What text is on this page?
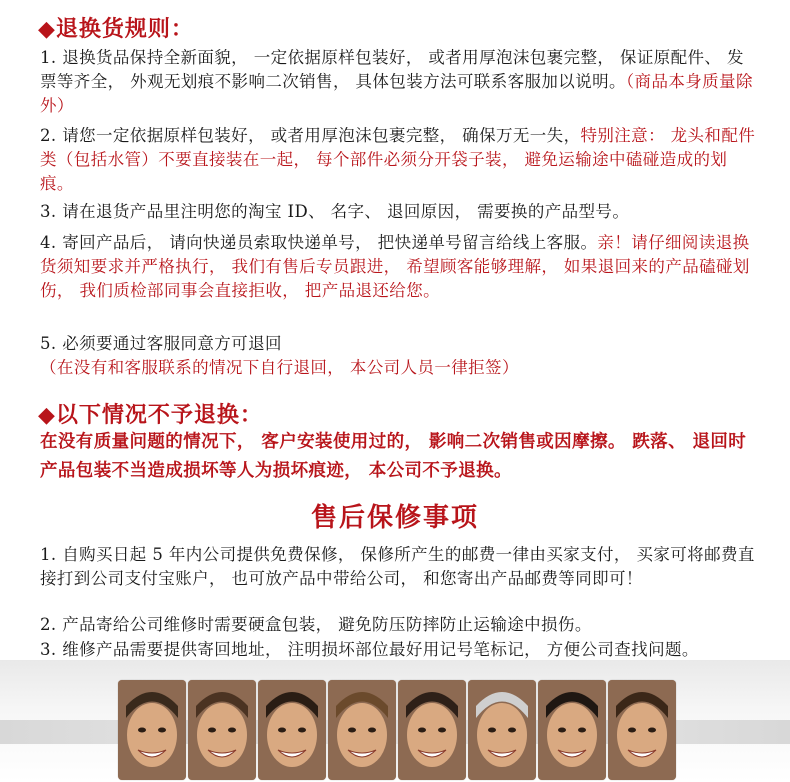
◆退换货规则：
1. 退换货品保持全新面貌， 一定依据原样包装好， 或者用厚泡沫包裹完整， 保证原配件、 发票等齐全， 外观无划痕不影响二次销售， 具体包装方法可联系客服加以说明。（商品本身质量除外）
2. 请您一定依据原样包装好， 或者用厚泡沫包裹完整， 确保万无一失，特别注意： 龙头和配件类（包括水管）不要直接装在一起， 每个部件必须分开袋子装， 避免运输途中磕碰造成的划痕。
3. 请在退货产品里注明您的淘宝 ID、 名字、 退回原因， 需要换的产品型号。
4. 寄回产品后， 请向快递员索取快递单号， 把快递单号留言给线上客服。亲！请仔细阅读退换货须知要求并严格执行， 我们有售后专员跟进， 希望顾客能够理解， 如果退回来的产品磕碰划伤， 我们质检部同事会直接拒收， 把产品退还给您。
5. 必须要通过客服同意方可退回（在没有和客服联系的情况下自行退回， 本公司人员一律拒签）
◆以下情况不予退换：
在没有质量问题的情况下， 客户安装使用过的， 影响二次销售或因摩擦。 跌落、 退回时产品包装不当造成损坏等人为损坏痕迹， 本公司不予退换。
售后保修事项
1. 自购买日起 5 年内公司提供免费保修， 保修所产生的邮费一律由买家支付， 买家可将邮费直接打到公司支付宝账户， 也可放产品中带给公司， 和您寄出产品邮费等同即可！
2. 产品寄给公司维修时需要硬盒包装， 避免防压防摔防止运输途中损伤。
3. 维修产品需要提供寄回地址， 注明损坏部位最好用记号笔标记， 方便公司查找问题。
